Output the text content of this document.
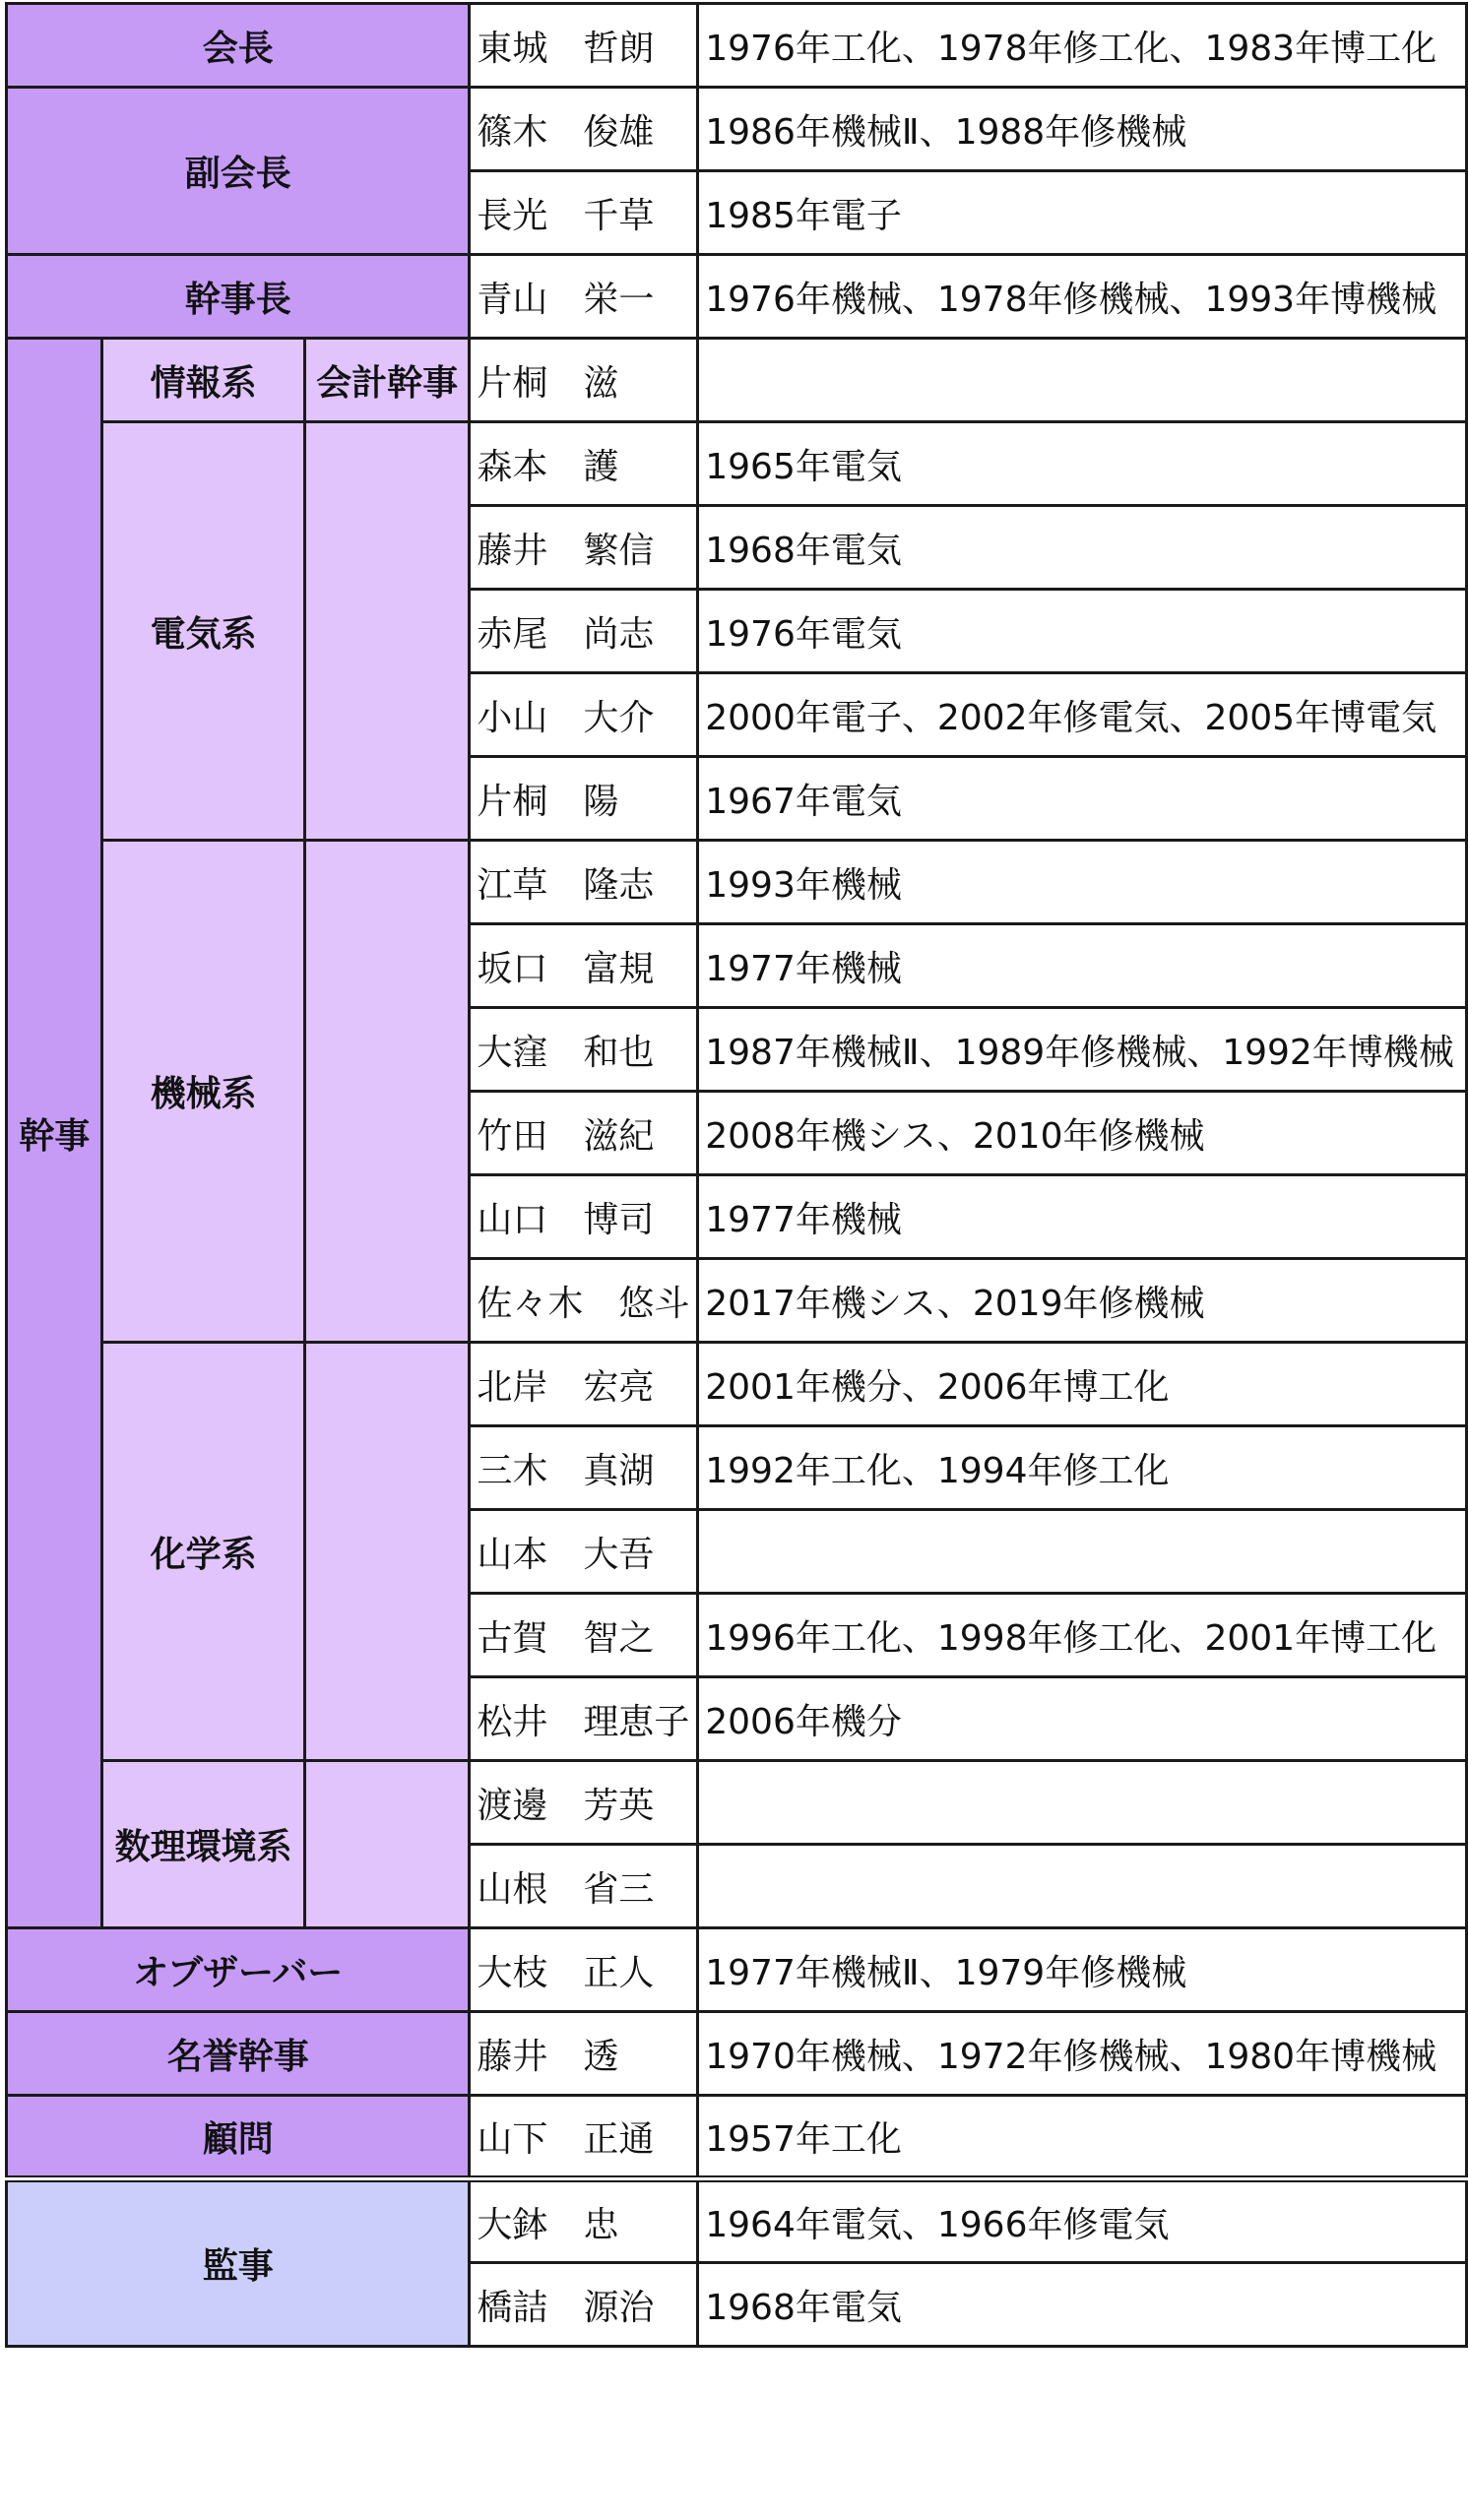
会長			東城　哲朗	1976年工化、1978年修工化、1983年博工化
副会長			篠木　俊雄	1986年機械Ⅱ、1988年修機械
			長光　千草	1985年電子
幹事長			青山　栄一	1976年機械、1978年修機械、1993年博機械
幹事	情報系	会計幹事	片桐　滋	
	電気系		森本　護	1965年電気
			藤井　繁信	1968年電気
			赤尾　尚志	1976年電気
			小山　大介	2000年電子、2002年修電気、2005年博電気
			片桐　陽	1967年電気
	機械系		江草　隆志	1993年機械
			坂口　富規	1977年機械
			大窪　和也	1987年機械Ⅱ、1989年修機械、1992年博機械
			竹田　滋紀	2008年機シス、2010年修機械
			山口　博司	1977年機械
			佐々木　悠斗	2017年機シス、2019年修機械
	化学系		北岸　宏亮	2001年機分、2006年博工化
			三木　真湖	1992年工化、1994年修工化
			山本　大吾	
			古賀　智之	1996年工化、1998年修工化、2001年博工化
			松井　理恵子	2006年機分
	数理環境系		渡邊　芳英	
			山根　省三	
オブザーバー			大枝　正人	1977年機械Ⅱ、1979年修機械
名誉幹事			藤井　透	1970年機械、1972年修機械、1980年博機械
顧問			山下　正通	1957年工化
監事			大鉢　忠	1964年電気、1966年修電気
			橋詰　源治	1968年電気
